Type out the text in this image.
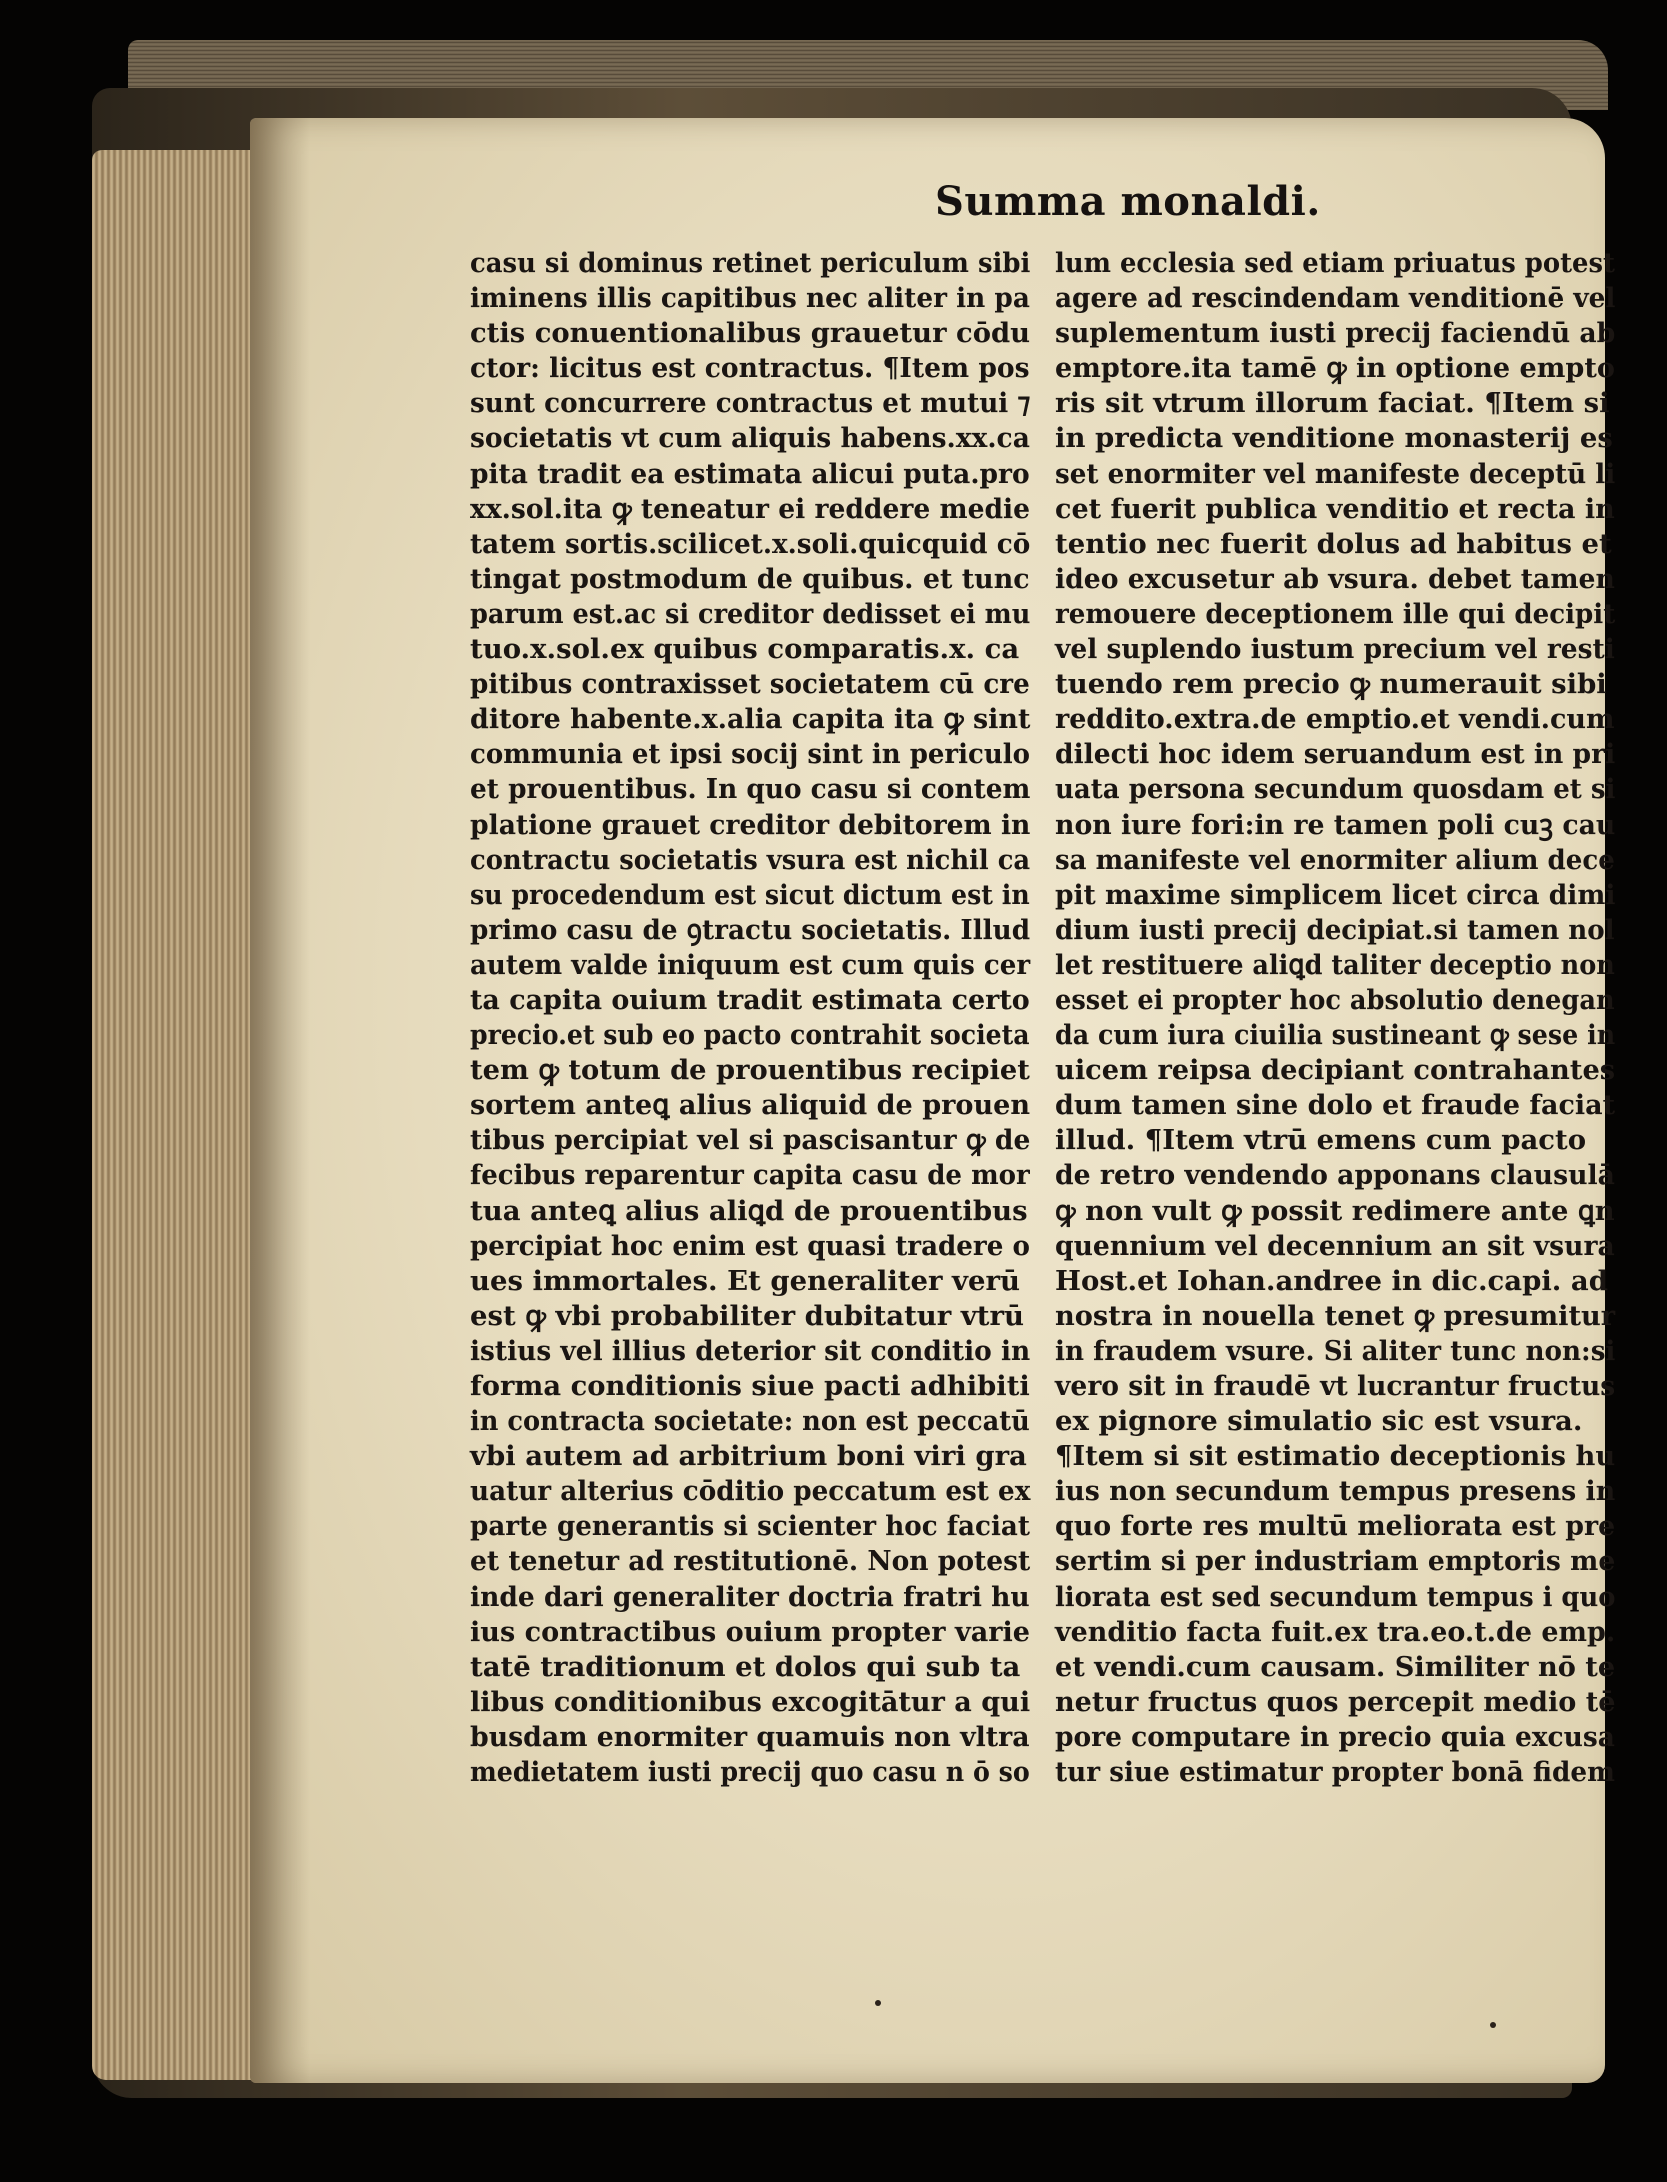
Summa monaldi.
casu si dominus retinet periculum sibi
iminens illis capitibus nec aliter in pa
ctis conuentionalibus grauetur cōdu
ctor: licitus est contractus. ¶Item pos
sunt concurrere contractus et mutui ⁊
societatis vt cum aliquis habens.xx.ca
pita tradit ea estimata alicui puta.pro
xx.sol.ita ꝙ teneatur ei reddere medie
tatem sortis.scilicet.x.soli.quicquid cō
tingat postmodum de quibus. et tunc
parum est.ac si creditor dedisset ei mu
tuo.x.sol.ex quibus comparatis.x. ca
pitibus contraxisset societatem cū cre
ditore habente.x.alia capita ita ꝙ sint
communia et ipsi socij sint in periculo
et prouentibus. In quo casu si contem
platione grauet creditor debitorem in
contractu societatis vsura est nichil ca
su procedendum est sicut dictum est in
primo casu de ꝯtractu societatis. Illud
autem valde iniquum est cum quis cer
ta capita ouium tradit estimata certo
precio.et sub eo pacto contrahit societa
tem ꝙ totum de prouentibus recipiet
sortem anteꝗ alius aliquid de prouen
tibus percipiat vel si pascisantur ꝙ de
fecibus reparentur capita casu de mor
tua anteꝗ alius aliꝗd de prouentibus
percipiat hoc enim est quasi tradere o
ues immortales. Et generaliter verū
est ꝙ vbi probabiliter dubitatur vtrū
istius vel illius deterior sit conditio in
forma conditionis siue pacti adhibiti
in contracta societate: non est peccatū
vbi autem ad arbitrium boni viri gra
uatur alterius cōditio peccatum est ex
parte generantis si scienter hoc faciat
et tenetur ad restitutionē. Non potest
inde dari generaliter doctria fratri hu
ius contractibus ouium propter varie
tatē traditionum et dolos qui sub ta
libus conditionibus excogitātur a qui
busdam enormiter quamuis non vltra
medietatem iusti precij quo casu n ō so
lum ecclesia sed etiam priuatus potest
agere ad rescindendam venditionē vel
suplementum iusti precij faciendū ab
emptore.ita tamē ꝙ in optione empto
ris sit vtrum illorum faciat. ¶Item si
in predicta venditione monasterij es
set enormiter vel manifeste deceptū li
cet fuerit publica venditio et recta in
tentio nec fuerit dolus ad habitus et
ideo excusetur ab vsura. debet tamen
remouere deceptionem ille qui decipit
vel suplendo iustum precium vel resti
tuendo rem precio ꝙ numerauit sibi
reddito.extra.de emptio.et vendi.cum
dilecti hoc idem seruandum est in pri
uata persona secundum quosdam et si
non iure fori:in re tamen poli cuꝫ cau
sa manifeste vel enormiter alium dece
pit maxime simplicem licet circa dimi
dium iusti precij decipiat.si tamen nol
let restituere aliꝗd taliter deceptio non
esset ei propter hoc absolutio denegan
da cum iura ciuilia sustineant ꝙ sese in
uicem reipsa decipiant contrahantes
dum tamen sine dolo et fraude faciat
illud. ¶Item vtrū emens cum pacto
de retro vendendo apponans clausulā
ꝙ non vult ꝙ possit redimere ante ꝗn
quennium vel decennium an sit vsura
Host.et Iohan.andree in dic.capi. ad
nostra in nouella tenet ꝙ presumitur
in fraudem vsure. Si aliter tunc non:si
vero sit in fraudē vt lucrantur fructus
ex pignore simulatio sic est vsura.
¶Item si sit estimatio deceptionis hu
ius non secundum tempus presens in
quo forte res multū meliorata est pre
sertim si per industriam emptoris me
liorata est sed secundum tempus i quo
venditio facta fuit.ex tra.eo.t.de emp.
et vendi.cum causam. Similiter nō te
netur fructus quos percepit medio tē
pore computare in precio quia excusa
tur siue estimatur propter bonā fidem
